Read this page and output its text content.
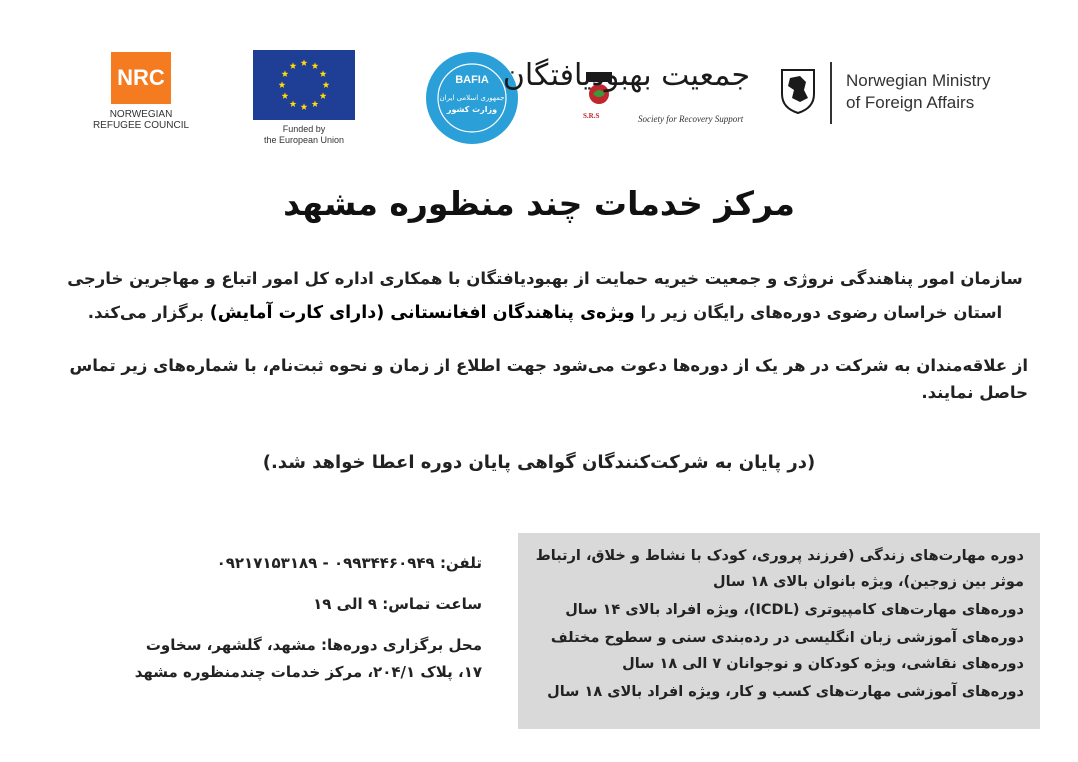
NRC
NORWEGIAN
REFUGEE COUNCIL	Funded by
the European Union
BAFIA
جمهوری اسلامی ایران
وزارت کشور
S.R.S
جمعیت بهبودیافتگان
Society for Recovery Support
Norwegian Ministry
of Foreign Affairs
مرکز خدمات چند منظوره مشهد
سازمان امور پناهندگی نروژی و جمعیت خیریه حمایت از بهبودیافتگان با همکاری اداره کل امور اتباع و مهاجرین خارجی استان خراسان رضوی دوره‌های رایگان زیر را ویژه‌ی پناهندگان افغانستانی (دارای کارت آمایش) برگزار می‌کند.
از علاقه‌مندان به شرکت در هر یک از دوره‌ها دعوت می‌شود جهت اطلاع از زمان و نحوه ثبت‌نام، با شماره‌های زیر تماس حاصل نمایند.
(در پایان به شرکت‌کنندگان گواهی پایان دوره اعطا خواهد شد.)
تلفن: ۰۹۹۳۴۴۶۰۹۴۹ - ۰۹۲۱۷۱۵۳۱۸۹
ساعت تماس: ۹ الی ۱۹
محل برگزاری دوره‌ها: مشهد، گلشهر، سخاوت ۱۷، پلاک ۲۰۴/۱، مرکز خدمات چندمنظوره مشهد
دوره مهارت‌های زندگی (فرزند پروری، کودک با نشاط و خلاق، ارتباط موثر بین زوجین)، ویژه بانوان بالای ۱۸ سال
دوره‌های مهارت‌های کامپیوتری (ICDL)، ویژه افراد بالای ۱۴ سال
دوره‌های آموزشی زبان انگلیسی در رده‌بندی سنی و سطوح مختلف
دوره‌های نقاشی، ویژه کودکان و نوجوانان ۷ الی ۱۸ سال
دوره‌های آموزشی مهارت‌های کسب و کار، ویژه افراد بالای ۱۸ سال
